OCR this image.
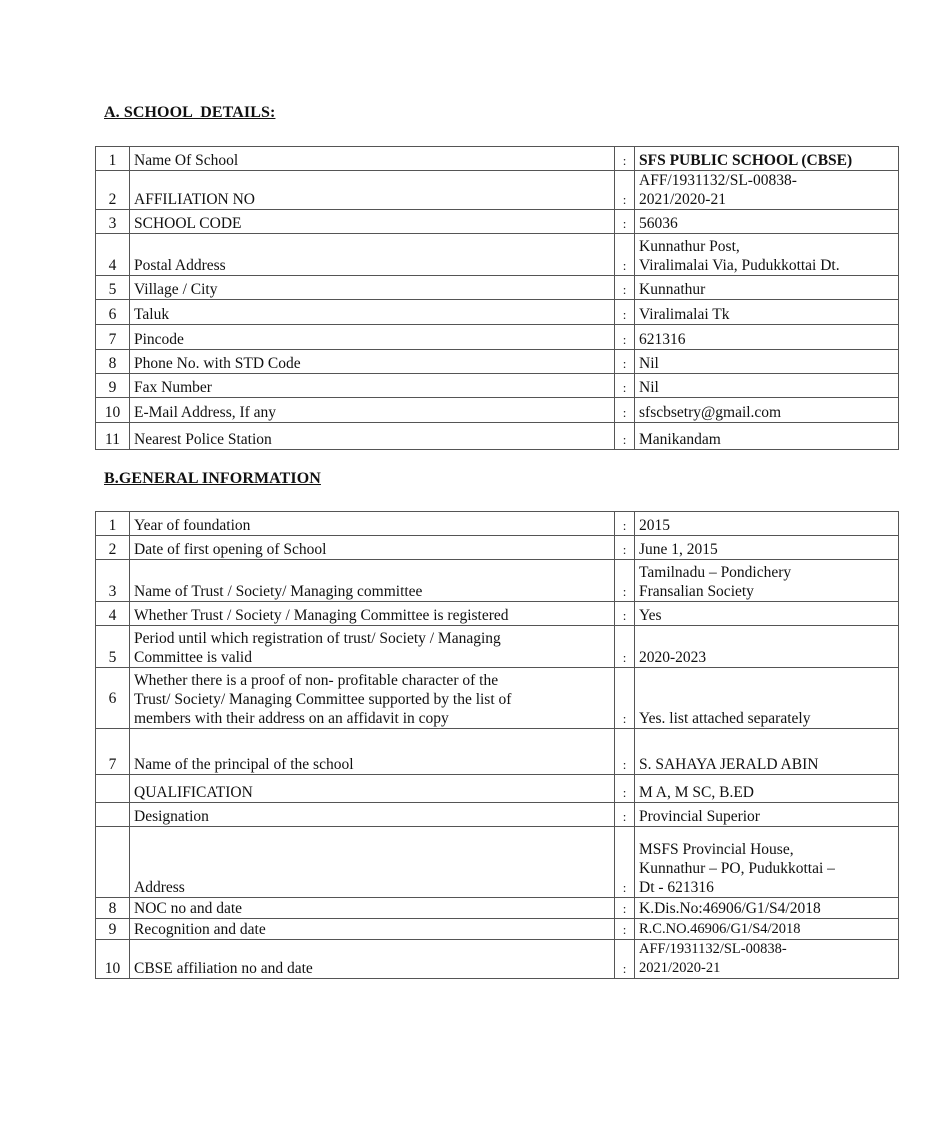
A. SCHOOL  DETAILS:
1	Name Of School	:	SFS PUBLIC SCHOOL (CBSE)
2	AFFILIATION NO	:	AFF/1931132/SL-00838-
2021/2020-21
3	SCHOOL CODE	:	56036
4	Postal Address	:	Kunnathur Post,
Viralimalai Via, Pudukkottai Dt.
5	Village / City	:	Kunnathur
6	Taluk	:	Viralimalai Tk
7	Pincode	:	621316
8	Phone No. with STD Code	:	Nil
9	Fax Number	:	Nil
10	E-Mail Address, If any	:	sfscbsetry@gmail.com
11	Nearest Police Station	:	Manikandam
B.GENERAL INFORMATION
1	Year of foundation	:	2015
2	Date of first opening of School	:	June 1, 2015
3	Name of Trust / Society/ Managing committee	:	Tamilnadu – Pondichery
Fransalian Society
4	Whether Trust / Society / Managing Committee is registered	:	Yes
5	Period until which registration of trust/ Society / Managing
Committee is valid	:	2020-2023
6	Whether there is a proof of non- profitable character of the
Trust/ Society/ Managing Committee supported by the list of
members with their address on an affidavit in copy	:	Yes. list attached separately
7	Name of the principal of the school	:	S. SAHAYA JERALD ABIN
	QUALIFICATION	:	M A, M SC, B.ED
	Designation	:	Provincial Superior
	Address	:	MSFS Provincial House,
Kunnathur – PO, Pudukkottai –
Dt - 621316
8	NOC no and date	:	K.Dis.No:46906/G1/S4/2018
9	Recognition and date	:	R.C.NO.46906/G1/S4/2018
10	CBSE affiliation no and date	:	AFF/1931132/SL-00838-
2021/2020-21
